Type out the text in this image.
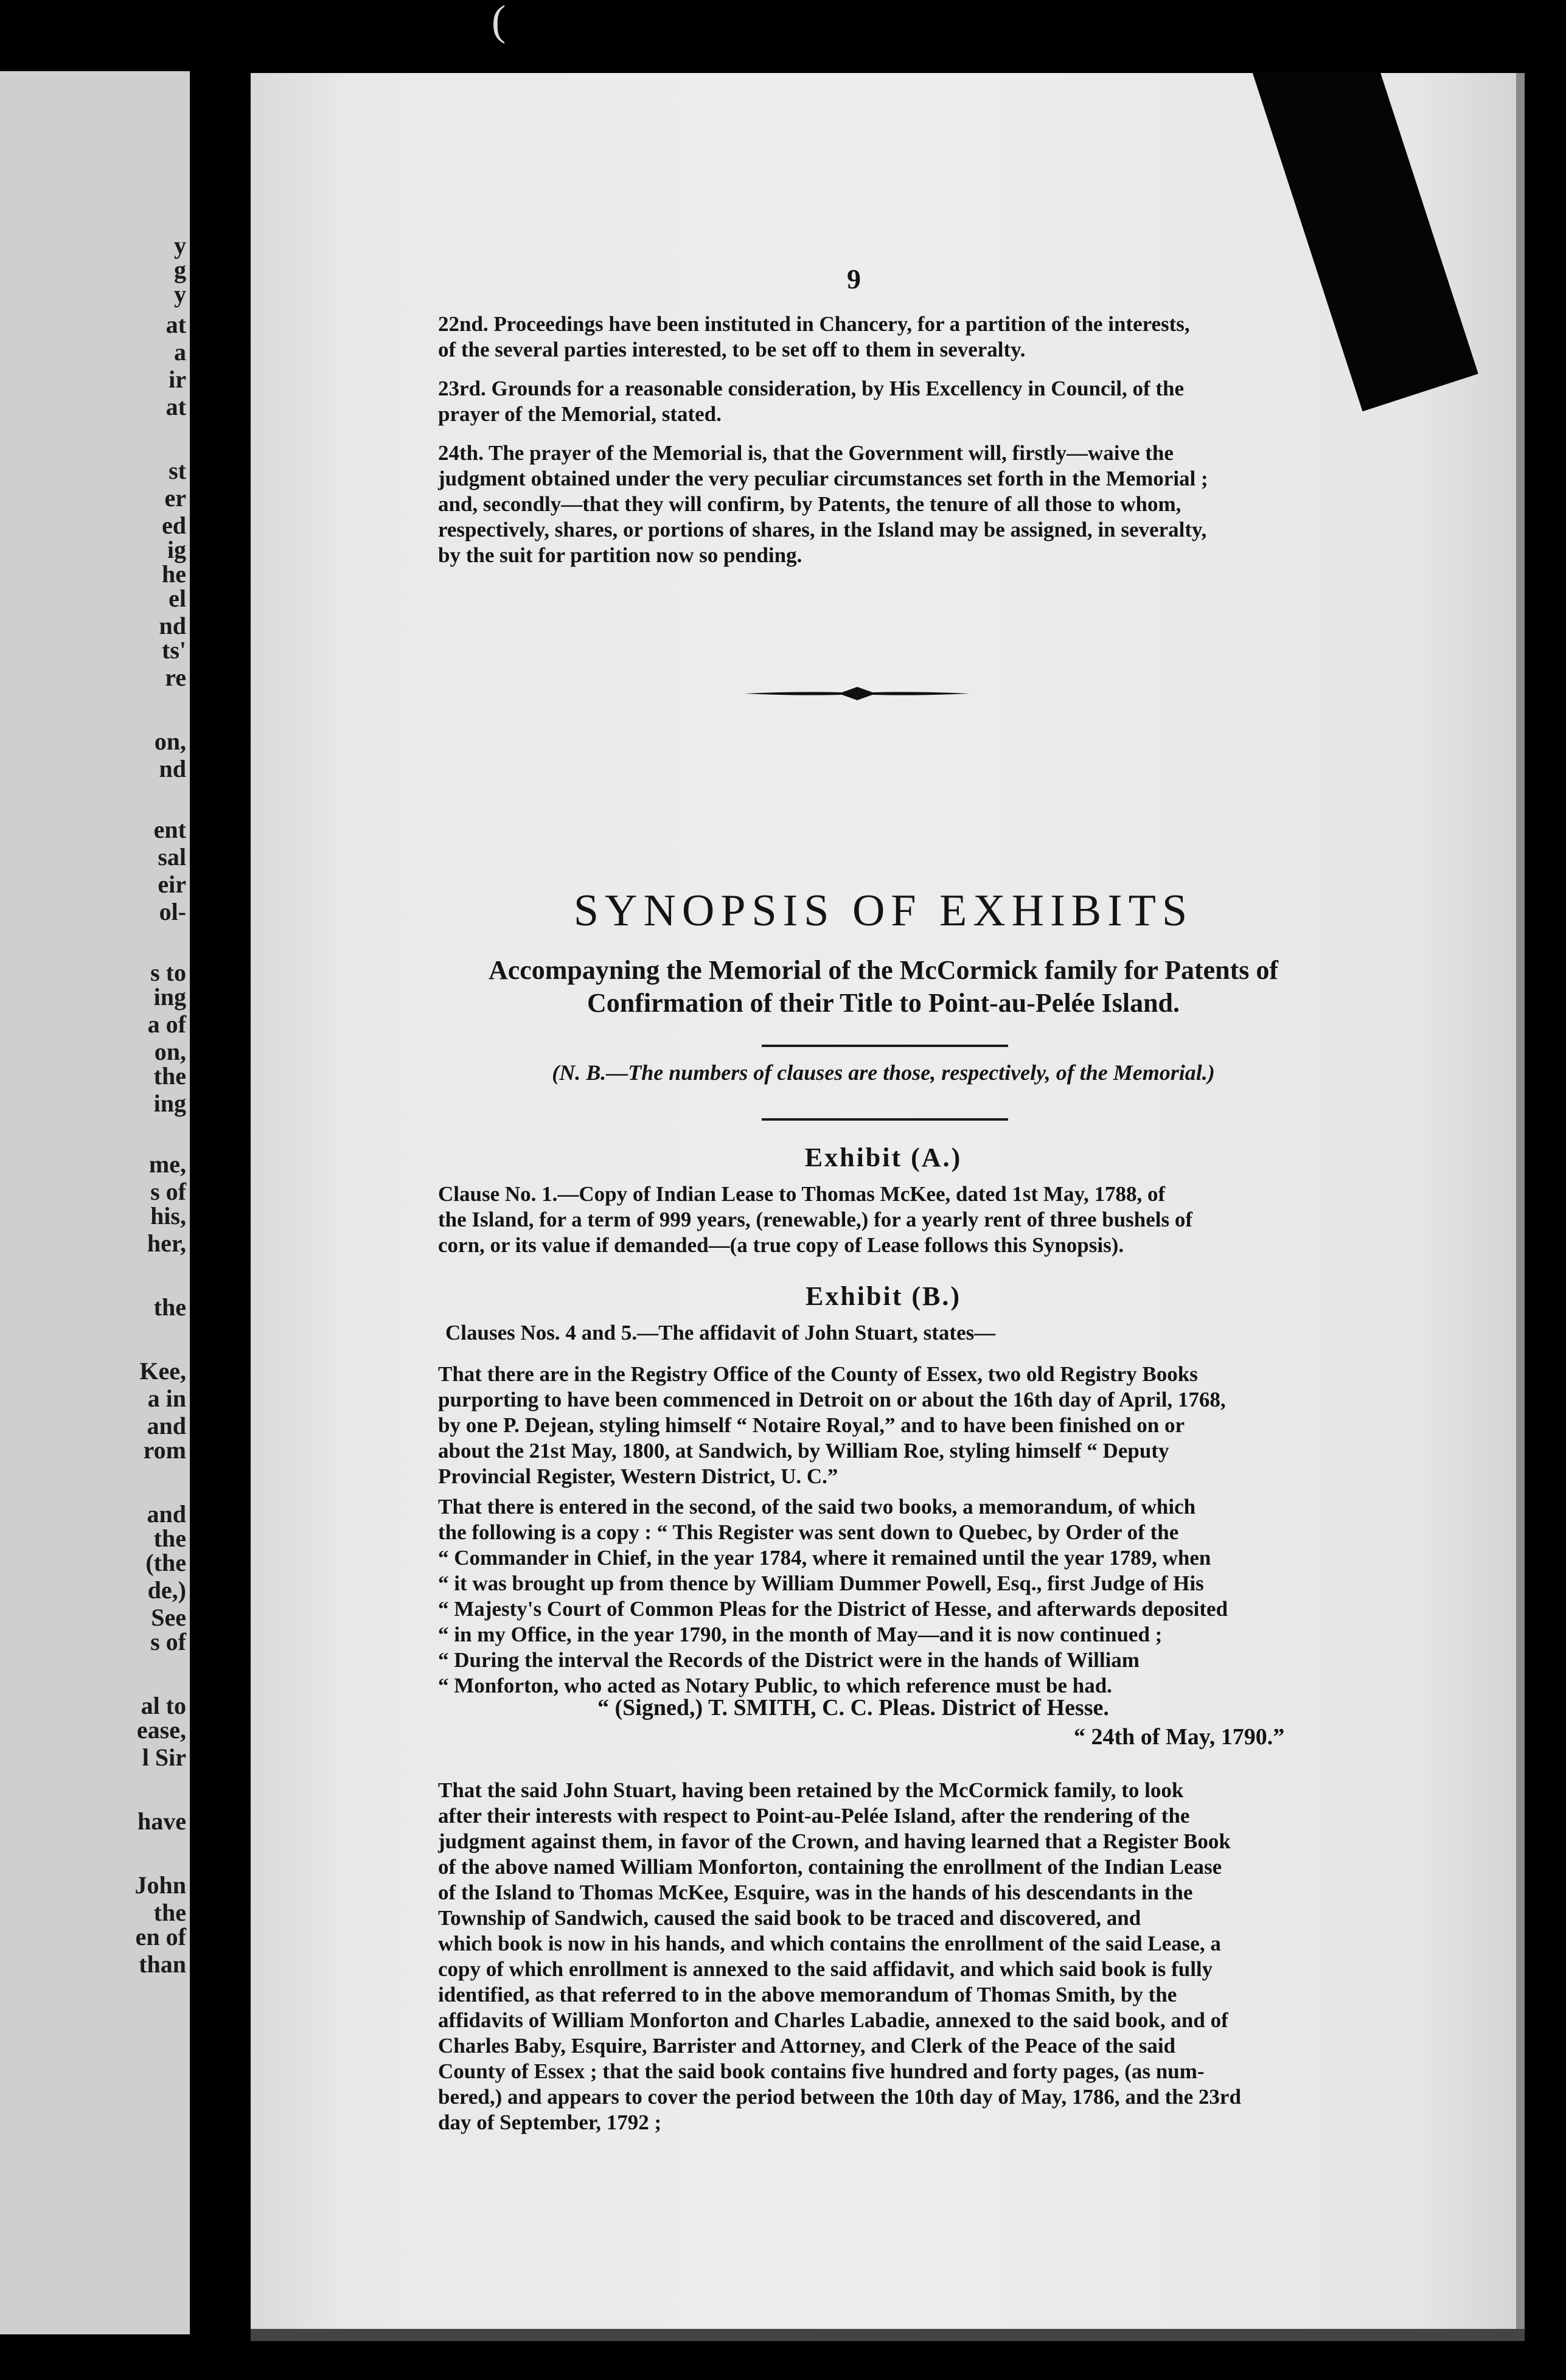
(

y

g

y

at

a

ir

at

st

er

ed

ig

he

el

nd

ts'

re

on,

nd

ent

sal

eir

ol-

s to

ing

a of

on,

the

ing

me,

s of

his,

her,

the

Kee,

a in

and

rom

and

the

(the

de,)

See

s of

al to

ease,

l Sir

have

John

the

en of

than

9

22nd. Proceedings have been instituted in Chancery, for a partition of the interests,
of the several parties interested, to be set off to them in severalty.

23rd. Grounds for a reasonable consideration, by His Excellency in Council, of the
prayer of the Memorial, stated.

24th. The prayer of the Memorial is, that the Government will, firstly—waive the
judgment obtained under the very peculiar circumstances set forth in the Memorial ;
and, secondly—that they will confirm, by Patents, the tenure of all those to whom,
respectively, shares, or portions of shares, in the Island may be assigned, in severalty,
by the suit for partition now so pending.

SYNOPSIS OF EXHIBITS
Accompayning the Memorial of the McCormick family for Patents of
Confirmation of their Title to Point-au-Pelée Island.

(N. B.—The numbers of clauses are those, respectively, of the Memorial.)

Exhibit (A.)

Clause No. 1.—Copy of Indian Lease to Thomas McKee, dated 1st May, 1788, of
the Island, for a term of 999 years, (renewable,) for a yearly rent of three bushels of
corn, or its value if demanded—(a true copy of Lease follows this Synopsis).

Exhibit (B.)

Clauses Nos. 4 and 5.—The affidavit of John Stuart, states—

That there are in the Registry Office of the County of Essex, two old Registry Books
purporting to have been commenced in Detroit on or about the 16th day of April, 1768,
by one P. Dejean, styling himself “ Notaire Royal,” and to have been finished on or
about the 21st May, 1800, at Sandwich, by William Roe, styling himself “ Deputy
Provincial Register, Western District, U. C.”

That there is entered in the second, of the said two books, a memorandum, of which
the following is a copy : “ This Register was sent down to Quebec, by Order of the
“ Commander in Chief, in the year 1784, where it remained until the year 1789, when
“ it was brought up from thence by William Dummer Powell, Esq., first Judge of His
“ Majesty's Court of Common Pleas for the District of Hesse, and afterwards deposited
“ in my Office, in the year 1790, in the month of May—and it is now continued ;
“ During the interval the Records of the District were in the hands of William
“ Monforton, who acted as Notary Public, to which reference must be had.

“ (Signed,) T. SMITH, C. C. Pleas. District of Hesse.

“ 24th of May, 1790.”

That the said John Stuart, having been retained by the McCormick family, to look
after their interests with respect to Point-au-Pelée Island, after the rendering of the
judgment against them, in favor of the Crown, and having learned that a Register Book
of the above named William Monforton, containing the enrollment of the Indian Lease
of the Island to Thomas McKee, Esquire, was in the hands of his descendants in the
Township of Sandwich, caused the said book to be traced and discovered, and
which book is now in his hands, and which contains the enrollment of the said Lease, a
copy of which enrollment is annexed to the said affidavit, and which said book is fully
identified, as that referred to in the above memorandum of Thomas Smith, by the
affidavits of William Monforton and Charles Labadie, annexed to the said book, and of
Charles Baby, Esquire, Barrister and Attorney, and Clerk of the Peace of the said
County of Essex ; that the said book contains five hundred and forty pages, (as num-
bered,) and appears to cover the period between the 10th day of May, 1786, and the 23rd
day of September, 1792 ;
